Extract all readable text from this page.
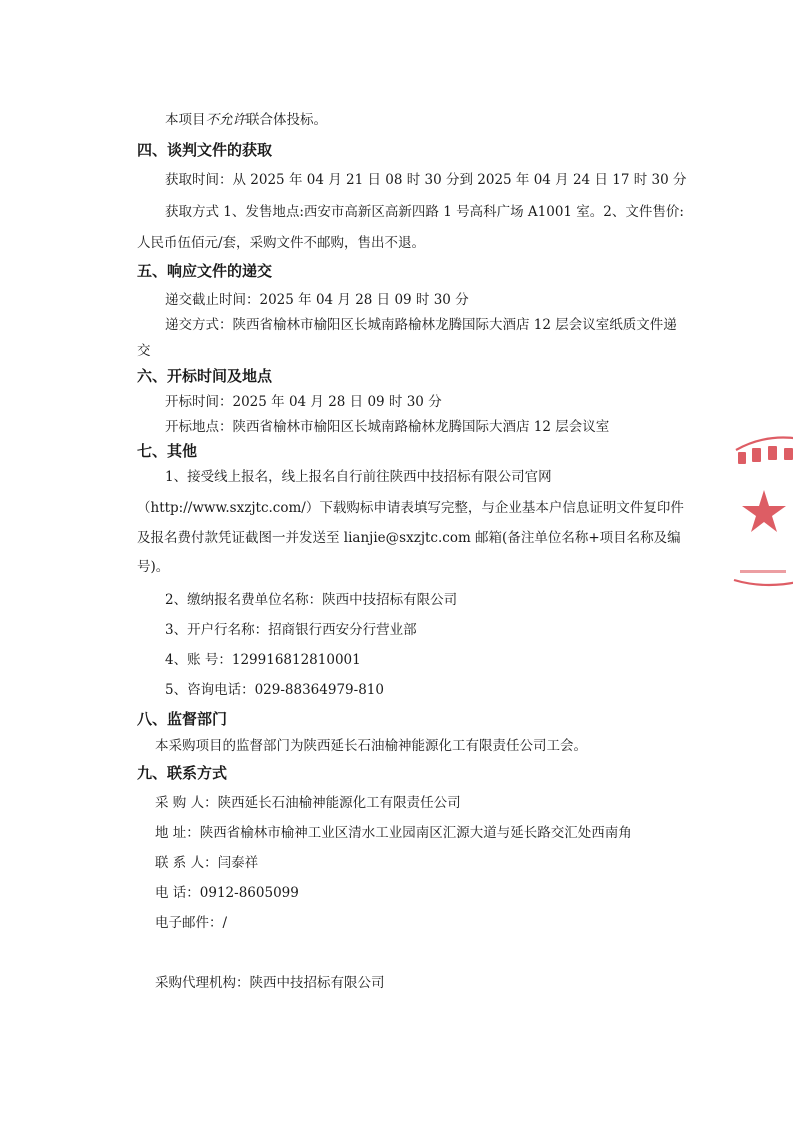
本项目不允许联合体投标。
四、谈判文件的获取
获取时间：从 2025 年 04 月 21 日 08 时 30 分到 2025 年 04 月 24 日 17 时 30 分
获取方式 1、发售地点:西安市高新区高新四路 1 号高科广场 A1001 室。2、文件售价:
人民币伍佰元/套，采购文件不邮购，售出不退。
五、响应文件的递交
递交截止时间：2025 年 04 月 28 日 09 时 30 分
递交方式：陕西省榆林市榆阳区长城南路榆林龙腾国际大酒店 12 层会议室纸质文件递
交
六、开标时间及地点
开标时间：2025 年 04 月 28 日 09 时 30 分
开标地点：陕西省榆林市榆阳区长城南路榆林龙腾国际大酒店 12 层会议室
七、其他
1、接受线上报名，线上报名自行前往陕西中技招标有限公司官网
（http://www.sxzjtc.com/）下载购标申请表填写完整，与企业基本户信息证明文件复印件
及报名费付款凭证截图一并发送至 lianjie@sxzjtc.com 邮箱(备注单位名称+项目名称及编
号)。
2、缴纳报名费单位名称：陕西中技招标有限公司
3、开户行名称：招商银行西安分行营业部
4、账 号：129916812810001
5、咨询电话：029-88364979-810
八、监督部门
本采购项目的监督部门为陕西延长石油榆神能源化工有限责任公司工会。
九、联系方式
采 购 人：陕西延长石油榆神能源化工有限责任公司
地 址：陕西省榆林市榆神工业区清水工业园南区汇源大道与延长路交汇处西南角
联 系 人：闫泰祥
电 话：0912-8605099
电子邮件：/
采购代理机构：陕西中技招标有限公司
